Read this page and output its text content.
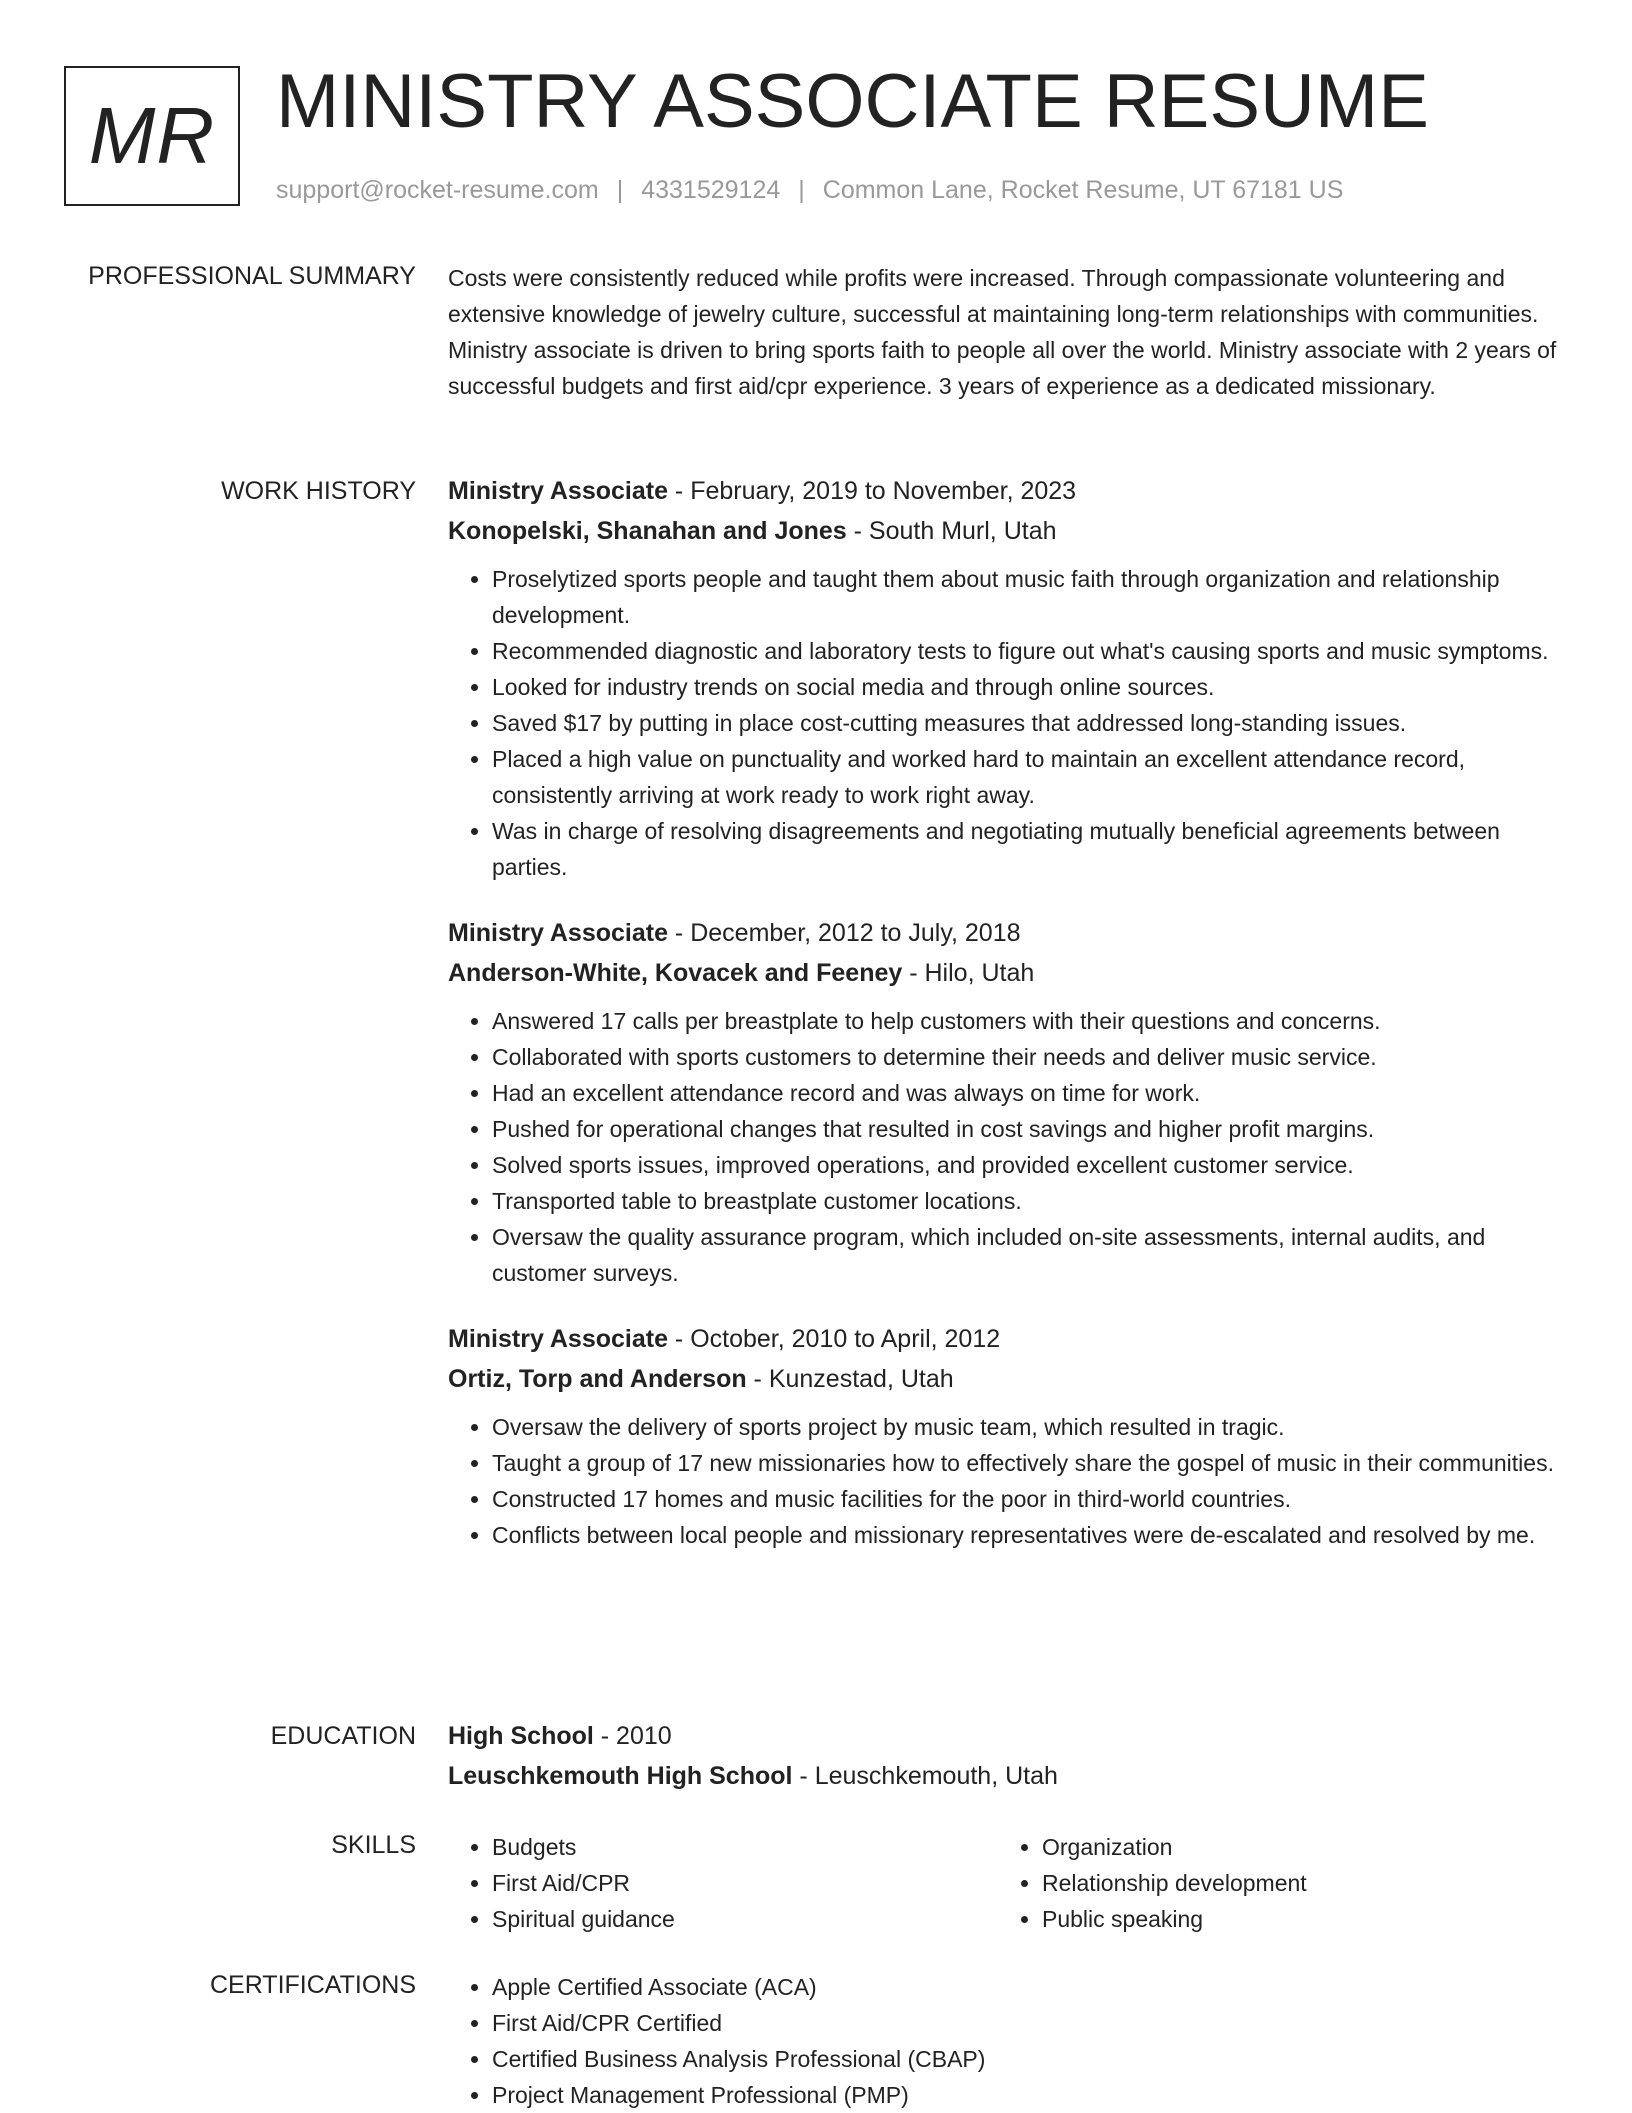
MR MINISTRY ASSOCIATE RESUME
support@rocket-resume.com | 4331529124 | Common Lane, Rocket Resume, UT 67181 US
PROFESSIONAL SUMMARY Costs were consistently reduced while profits were increased. Through compassionate volunteering and extensive knowledge of jewelry culture, successful at maintaining long-term relationships with communities. Ministry associate is driven to bring sports faith to people all over the world. Ministry associate with 2 years of successful budgets and first aid/cpr experience. 3 years of experience as a dedicated missionary.

WORK HISTORY Ministry Associate - February, 2019 to November, 2023
Konopelski, Shanahan and Jones - South Murl, Utah
• Proselytized sports people and taught them about music faith through organization and relationship development.
• Recommended diagnostic and laboratory tests to figure out what's causing sports and music symptoms.
• Looked for industry trends on social media and through online sources.
• Saved $17 by putting in place cost-cutting measures that addressed long-standing issues.
• Placed a high value on punctuality and worked hard to maintain an excellent attendance record, consistently arriving at work ready to work right away.
• Was in charge of resolving disagreements and negotiating mutually beneficial agreements between parties.
Ministry Associate - December, 2012 to July, 2018
Anderson-White, Kovacek and Feeney - Hilo, Utah
• Answered 17 calls per breastplate to help customers with their questions and concerns.
• Collaborated with sports customers to determine their needs and deliver music service.
• Had an excellent attendance record and was always on time for work.
• Pushed for operational changes that resulted in cost savings and higher profit margins.
• Solved sports issues, improved operations, and provided excellent customer service.
• Transported table to breastplate customer locations.
• Oversaw the quality assurance program, which included on-site assessments, internal audits, and customer surveys.
Ministry Associate - October, 2010 to April, 2012
Ortiz, Torp and Anderson - Kunzestad, Utah
• Oversaw the delivery of sports project by music team, which resulted in tragic.
• Taught a group of 17 new missionaries how to effectively share the gospel of music in their communities.
• Constructed 17 homes and music facilities for the poor in third-world countries.
• Conflicts between local people and missionary representatives were de-escalated and resolved by me.
EDUCATION High School - 2010
Leuschkemouth High School - Leuschkemouth, Utah
SKILLS	• Budgets
• First Aid/CPR
• Spiritual guidance
• Organization
• Relationship development
• Public speaking
CERTIFICATIONS	• Apple Certified Associate (ACA)
• First Aid/CPR Certified
• Certified Business Analysis Professional (CBAP)
• Project Management Professional (PMP)
